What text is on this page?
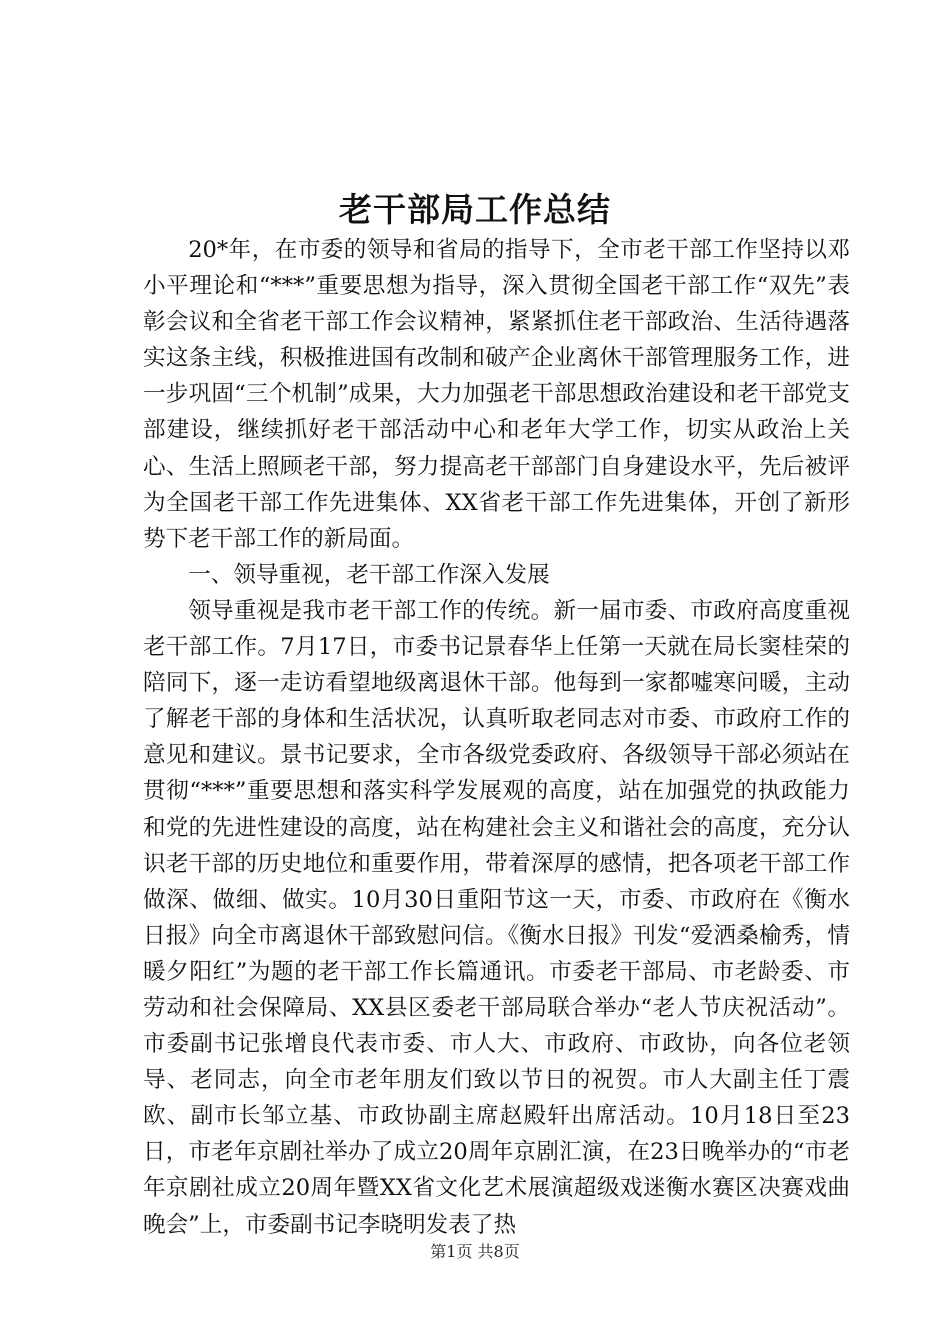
老干部局工作总结

20*年，在市委的领导和省局的指导下，全市老干部工作坚持以邓小平理论和“***”重要思想为指导，深入贯彻全国老干部工作“双先”表彰会议和全省老干部工作会议精神，紧紧抓住老干部政治、生活待遇落实这条主线，积极推进国有改制和破产企业离休干部管理服务工作，进一步巩固“三个机制”成果，大力加强老干部思想政治建设和老干部党支部建设，继续抓好老干部活动中心和老年大学工作，切实从政治上关心、生活上照顾老干部，努力提高老干部部门自身建设水平，先后被评为全国老干部工作先进集体、XX省老干部工作先进集体，开创了新形势下老干部工作的新局面。

一、领导重视，老干部工作深入发展

领导重视是我市老干部工作的传统。新一届市委、市政府高度重视老干部工作。7月17日，市委书记景春华上任第一天就在局长窦桂荣的陪同下，逐一走访看望地级离退休干部。他每到一家都嘘寒问暖，主动了解老干部的身体和生活状况，认真听取老同志对市委、市政府工作的意见和建议。景书记要求，全市各级党委政府、各级领导干部必须站在贯彻“***”重要思想和落实科学发展观的高度，站在加强党的执政能力和党的先进性建设的高度，站在构建社会主义和谐社会的高度，充分认识老干部的历史地位和重要作用，带着深厚的感情，把各项老干部工作做深、做细、做实。10月30日重阳节这一天，市委、市政府在《衡水日报》向全市离退休干部致慰问信。《衡水日报》刊发“爱洒桑榆秀，情暖夕阳红”为题的老干部工作长篇通讯。市委老干部局、市老龄委、市劳动和社会保障局、XX县区委老干部局联合举办“老人节庆祝活动”。市委副书记张增良代表市委、市人大、市政府、市政协，向各位老领导、老同志，向全市老年朋友们致以节日的祝贺。市人大副主任丁震欧、副市长邹立基、市政协副主席赵殿轩出席活动。10月18日至23日，市老年京剧社举办了成立20周年京剧汇演，在23日晚举办的“市老年京剧社成立20周年暨XX省文化艺术展演超级戏迷衡水赛区决赛戏曲晚会”上，市委副书记李晓明发表了热

第1页 共8页
